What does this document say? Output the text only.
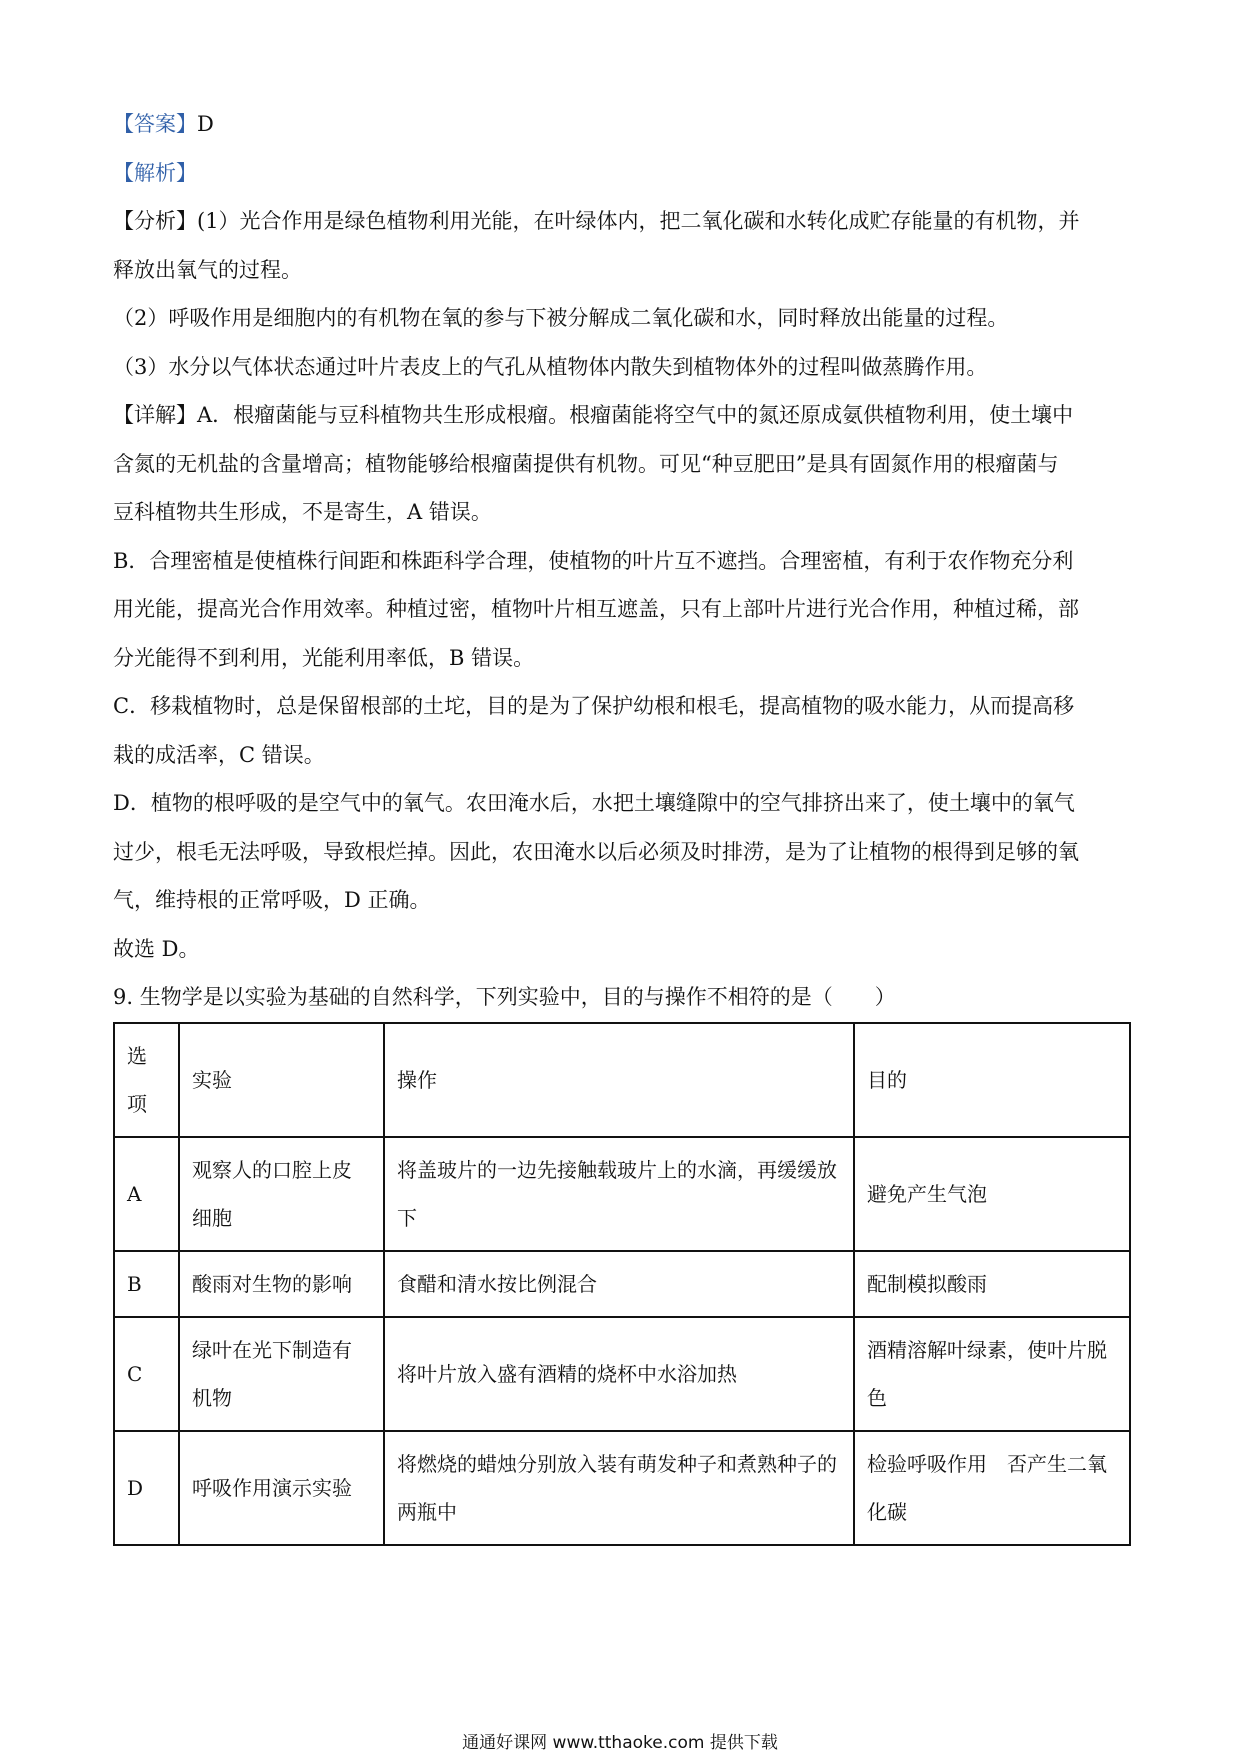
【答案】D

【解析】

【分析】(1）光合作用是绿色植物利用光能，在叶绿体内，把二氧化碳和水转化成贮存能量的有机物，并

释放出氧气的过程。

（2）呼吸作用是细胞内的有机物在氧的参与下被分解成二氧化碳和水，同时释放出能量的过程。

（3）水分以气体状态通过叶片表皮上的气孔从植物体内散失到植物体外的过程叫做蒸腾作用。

【详解】A．根瘤菌能与豆科植物共生形成根瘤。根瘤菌能将空气中的氮还原成氨供植物利用，使土壤中

含氮的无机盐的含量增高；植物能够给根瘤菌提供有机物。可见“种豆肥田”是具有固氮作用的根瘤菌与

豆科植物共生形成，不是寄生，A 错误。

B．合理密植是使植株行间距和株距科学合理，使植物的叶片互不遮挡。合理密植，有利于农作物充分利

用光能，提高光合作用效率。种植过密，植物叶片相互遮盖，只有上部叶片进行光合作用，种植过稀，部

分光能得不到利用，光能利用率低，B 错误。

C．移栽植物时，总是保留根部的土坨，目的是为了保护幼根和根毛，提高植物的吸水能力，从而提高移

栽的成活率，C 错误。

D．植物的根呼吸的是空气中的氧气。农田淹水后，水把土壤缝隙中的空气排挤出来了，使土壤中的氧气

过少，根毛无法呼吸，导致根烂掉。因此，农田淹水以后必须及时排涝，是为了让植物的根得到足够的氧

气，维持根的正常呼吸，D 正确。

故选 D。

9. 生物学是以实验为基础的自然科学，下列实验中，目的与操作不相符的是（　　）

选项	实验	操作	目的
A	观察人的口腔上皮细胞	将盖玻片的一边先接触载玻片上的水滴，再缓缓放下	避免产生气泡
B	酸雨对生物的影响	食醋和清水按比例混合	配制模拟酸雨
C	绿叶在光下制造有机物	将叶片放入盛有酒精的烧杯中水浴加热	酒精溶解叶绿素，使叶片脱色
D	呼吸作用演示实验	将燃烧的蜡烛分别放入装有萌发种子和煮熟种子的两瓶中	检验呼吸作用　否产生二氧化碳
通通好课网 www.tthaoke.com 提供下载
